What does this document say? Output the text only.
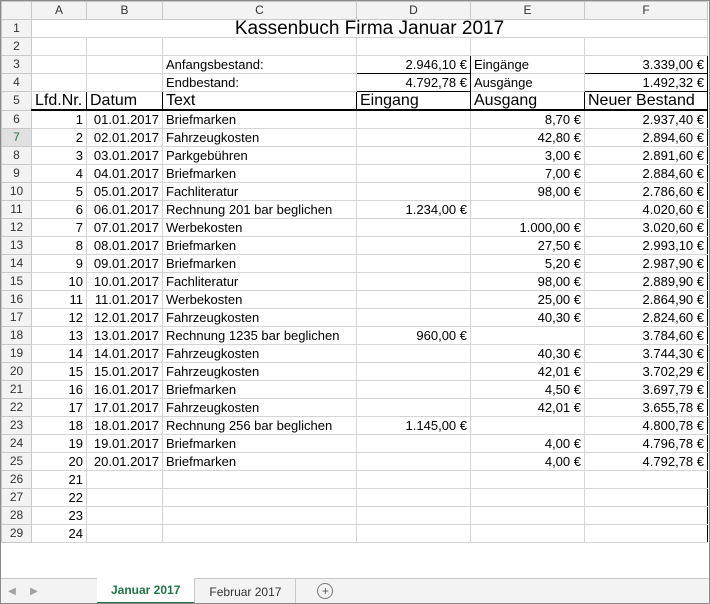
	A	B	C	D	E	F
1	Kassenbuch Firma Januar 2017					
2						
3			Anfangsbestand:	2.946,10 €	Eingänge	3.339,00 €
4			Endbestand:	4.792,78 €	Ausgänge	1.492,32 €
5	Lfd.Nr.	Datum	Text	Eingang	Ausgang	Neuer Bestand
6	1	01.01.2017	Briefmarken		8,70 €	2.937,40 €
7	2	02.01.2017	Fahrzeugkosten		42,80 €	2.894,60 €
8	3	03.01.2017	Parkgebühren		3,00 €	2.891,60 €
9	4	04.01.2017	Briefmarken		7,00 €	2.884,60 €
10	5	05.01.2017	Fachliteratur		98,00 €	2.786,60 €
11	6	06.01.2017	Rechnung 201 bar beglichen	1.234,00 €		4.020,60 €
12	7	07.01.2017	Werbekosten		1.000,00 €	3.020,60 €
13	8	08.01.2017	Briefmarken		27,50 €	2.993,10 €
14	9	09.01.2017	Briefmarken		5,20 €	2.987,90 €
15	10	10.01.2017	Fachliteratur		98,00 €	2.889,90 €
16	11	11.01.2017	Werbekosten		25,00 €	2.864,90 €
17	12	12.01.2017	Fahrzeugkosten		40,30 €	2.824,60 €
18	13	13.01.2017	Rechnung 1235 bar beglichen	960,00 €		3.784,60 €
19	14	14.01.2017	Fahrzeugkosten		40,30 €	3.744,30 €
20	15	15.01.2017	Fahrzeugkosten		42,01 €	3.702,29 €
21	16	16.01.2017	Briefmarken		4,50 €	3.697,79 €
22	17	17.01.2017	Fahrzeugkosten		42,01 €	3.655,78 €
23	18	18.01.2017	Rechnung 256 bar beglichen	1.145,00 €		4.800,78 €
24	19	19.01.2017	Briefmarken		4,00 €	4.796,78 €
25	20	20.01.2017	Briefmarken		4,00 €	4.792,78 €
26	21					
27	22					
28	23					
29	24					
◀	▶	Januar 2017	Februar 2017	+
